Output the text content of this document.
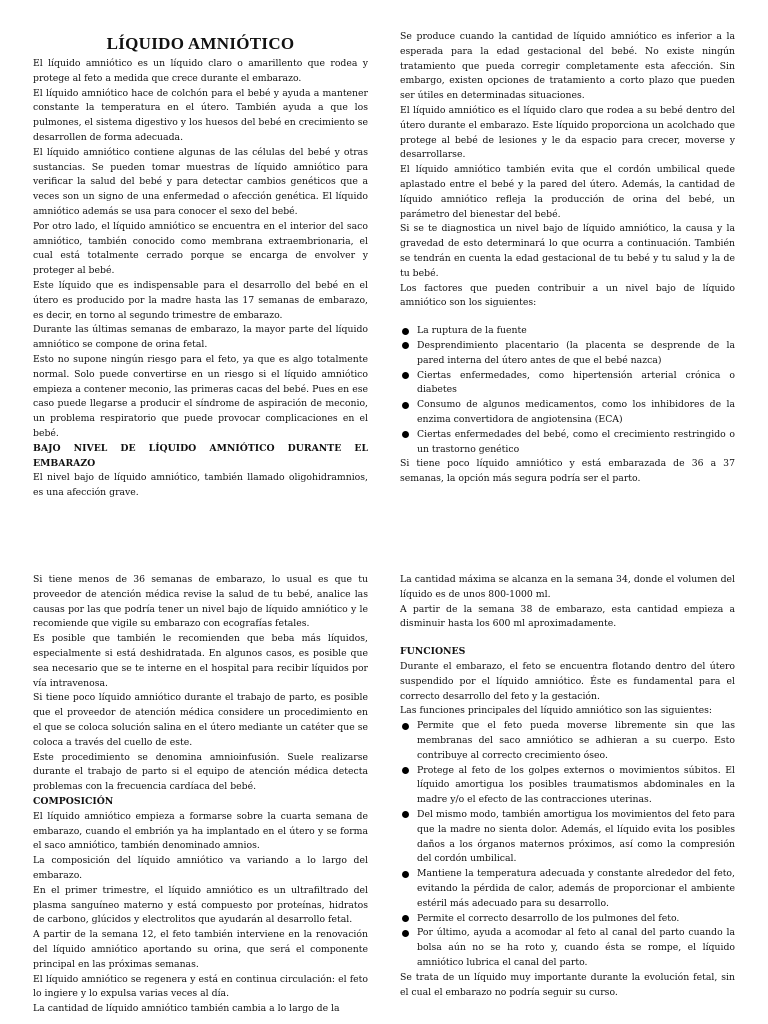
LÍQUIDO AMNIÓTICO

El líquido amniótico es un líquido claro o amarillento que rodea y protege al feto a medida que crece durante el embarazo.

El líquido amniótico hace de colchón para el bebé y ayuda a mantener constante la temperatura en el útero. También ayuda a que los pulmones, el sistema digestivo y los huesos del bebé en crecimiento se desarrollen de forma adecuada.

El líquido amniótico contiene algunas de las células del bebé y otras sustancias. Se pueden tomar muestras de líquido amniótico para verificar la salud del bebé y para detectar cambios genéticos que a veces son un signo de una enfermedad o afección genética. El líquido amniótico además se usa para conocer el sexo del bebé.

Por otro lado, el líquido amniótico se encuentra en el interior del saco amniótico, también conocido como membrana extraembrionaria, el cual está totalmente cerrado porque se encarga de envolver y proteger al bebé.

Este líquido que es indispensable para el desarrollo del bebé en el útero es producido por la madre hasta las 17 semanas de embarazo, es decir, en torno al segundo trimestre de embarazo.

Durante las últimas semanas de embarazo, la mayor parte del líquido amniótico se compone de orina fetal.

Esto no supone ningún riesgo para el feto, ya que es algo totalmente normal. Solo puede convertirse en un riesgo si el líquido amniótico empieza a contener meconio, las primeras cacas del bebé. Pues en ese caso puede llegarse a producir el síndrome de aspiración de meconio, un problema respiratorio que puede provocar complicaciones en el bebé.

BAJO NIVEL DE LÍQUIDO AMNIÓTICO DURANTE EL EMBARAZO

El nivel bajo de líquido amniótico, también llamado oligohidramnios, es una afección grave.

Se produce cuando la cantidad de líquido amniótico es inferior a la esperada para la edad gestacional del bebé. No existe ningún tratamiento que pueda corregir completamente esta afección. Sin embargo, existen opciones de tratamiento a corto plazo que pueden ser útiles en determinadas situaciones.

El líquido amniótico es el líquido claro que rodea a su bebé dentro del útero durante el embarazo. Este líquido proporciona un acolchado que protege al bebé de lesiones y le da espacio para crecer, moverse y desarrollarse.

El líquido amniótico también evita que el cordón umbilical quede aplastado entre el bebé y la pared del útero. Además, la cantidad de líquido amniótico refleja la producción de orina del bebé, un parámetro del bienestar del bebé.

Si se te diagnostica un nivel bajo de líquido amniótico, la causa y la gravedad de esto determinará lo que ocurra a continuación. También se tendrán en cuenta la edad gestacional de tu bebé y tu salud y la de tu bebé.

Los factores que pueden contribuir a un nivel bajo de líquido amniótico son los siguientes:

La ruptura de la fuente
Desprendimiento placentario (la placenta se desprende de la pared interna del útero antes de que el bebé nazca)
Ciertas enfermedades, como hipertensión arterial crónica o diabetes
Consumo de algunos medicamentos, como los inhibidores de la enzima convertidora de angiotensina (ECA)
Ciertas enfermedades del bebé, como el crecimiento restringido o un trastorno genético

Si tiene poco líquido amniótico y está embarazada de 36 a 37 semanas, la opción más segura podría ser el parto.

Si tiene menos de 36 semanas de embarazo, lo usual es que tu proveedor de atención médica revise la salud de tu bebé, analice las causas por las que podría tener un nivel bajo de líquido amniótico y le recomiende que vigile su embarazo con ecografías fetales.

Es posible que también le recomienden que beba más líquidos, especialmente si está deshidratada. En algunos casos, es posible que sea necesario que se te interne en el hospital para recibir líquidos por vía intravenosa.

Si tiene poco líquido amniótico durante el trabajo de parto, es posible que el proveedor de atención médica considere un procedimiento en el que se coloca solución salina en el útero mediante un catéter que se coloca a través del cuello de este.

Este procedimiento se denomina amnioinfusión. Suele realizarse durante el trabajo de parto si el equipo de atención médica detecta problemas con la frecuencia cardíaca del bebé.

COMPOSICIÓN

El líquido amniótico empieza a formarse sobre la cuarta semana de embarazo, cuando el embrión ya ha implantado en el útero y se forma el saco amniótico, también denominado amnios.

La composición del líquido amniótico va variando a lo largo del embarazo.

En el primer trimestre, el líquido amniótico es un ultrafiltrado del plasma sanguíneo materno y está compuesto por proteínas, hidratos de carbono, glúcidos y electrolitos que ayudarán al desarrollo fetal.

A partir de la semana 12, el feto también interviene en la renovación del líquido amniótico aportando su orina, que será el componente principal en las próximas semanas.

El líquido amniótico se regenera y está en continua circulación: el feto lo ingiere y lo expulsa varias veces al día.

La cantidad de líquido amniótico también cambia a lo largo de la

La cantidad máxima se alcanza en la semana 34, donde el volumen del líquido es de unos 800-1000 ml.

A partir de la semana 38 de embarazo, esta cantidad empieza a disminuir hasta los 600 ml aproximadamente.

FUNCIONES

Durante el embarazo, el feto se encuentra flotando dentro del útero suspendido por el líquido amniótico. Éste es fundamental para el correcto desarrollo del feto y la gestación.

Las funciones principales del líquido amniótico son las siguientes:

Permite que el feto pueda moverse libremente sin que las membranas del saco amniótico se adhieran a su cuerpo. Esto contribuye al correcto crecimiento óseo.
Protege al feto de los golpes externos o movimientos súbitos. El líquido amortigua los posibles traumatismos abdominales en la madre y/o el efecto de las contracciones uterinas.
Del mismo modo, también amortigua los movimientos del feto para que la madre no sienta dolor. Además, el líquido evita los posibles daños a los órganos maternos próximos, así como la compresión del cordón umbilical.
Mantiene la temperatura adecuada y constante alrededor del feto, evitando la pérdida de calor, además de proporcionar el ambiente estéril más adecuado para su desarrollo.
Permite el correcto desarrollo de los pulmones del feto.
Por último, ayuda a acomodar al feto al canal del parto cuando la bolsa aún no se ha roto y, cuando ésta se rompe, el líquido amniótico lubrica el canal del parto.

Se trata de un líquido muy importante durante la evolución fetal, sin el cual el embarazo no podría seguir su curso.
